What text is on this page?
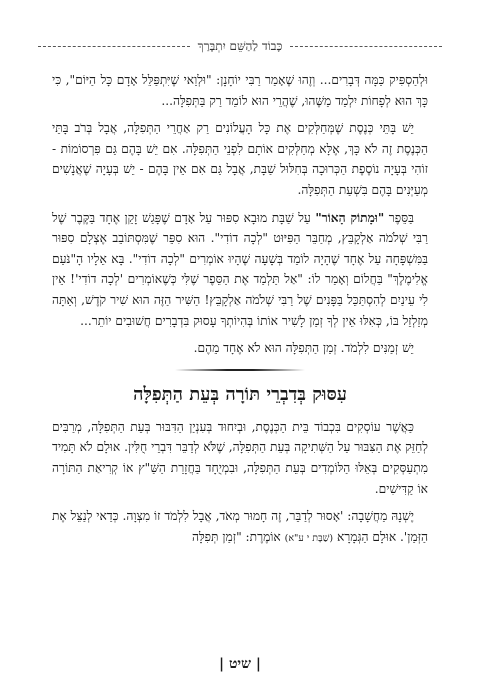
כָּבוֹד לַהַשֵּׁם יִתְבָּרַךְ

וּלְהַסְפִּיק כַּמָּה דְּבָרִים... וְזֶהוּ שֶׁאָמַר רַבִּי יוֹחָנָן: "וּלְוַאי שֶׁיִּתְפַּלֵּל אָדָם כָּל הַיּוֹם", כִּי כָּךְ הוּא לְפָחוֹת יִלְמַד מַשֶּׁהוּ, שֶׁהֲרֵי הוּא לוֹמֵד רַק בַּתְּפִלָּה...

יֵשׁ בָּתֵּי כְּנֶסֶת שֶׁמְּחַלְּקִים אֶת כָּל הָעֲלוֹנִים רַק אַחֲרֵי הַתְּפִלָּה, אֲבָל בְּרֹב בָּתֵּי הַכְּנֶסֶת זֶה לֹא כָּךְ, אֶלָּא מְחַלְּקִים אוֹתָם לִפְנֵי הַתְּפִלָּה. אִם יֵשׁ בָּהֶם גַּם פִּרְסוֹמוֹת - זוֹהִי בְּעָיָה נוֹסֶפֶת הַכְּרוּכָה בְּחִלּוּל שַׁבָּת, אֲבָל גַּם אִם אֵין בָּהֶם - יֵשׁ בְּעָיָה שֶׁאֲנָשִׁים מְעַיְּנִים בָּהֶם בִּשְׁעַת הַתְּפִלָּה.

בַּסֵּפֶר "וּמָתוֹק הָאוֹר" עַל שַׁבָּת מוּבָא סִפּוּר עַל אָדָם שֶׁפָּגַשׁ זָקֵן אֶחָד בַּקֶּבֶר שֶׁל רַבִּי שְׁלֹמֹה אַלְקָבֵּץ, מְחַבֵּר הַפִּיּוּט "לְכָה דוֹדִי". הוּא סִפֵּר שֶׁמִּסְתּוֹבֵב אֶצְלָם סִפּוּר בַּמִּשְׁפָּחָה עַל אֶחָד שֶׁהָיָה לוֹמֵד בְּשָׁעָה שֶׁהָיוּ אוֹמְרִים "לְכָה דוֹדִי". בָּא אֵלָיו הָ"נֹּעַם אֱלִימֶלֶךְ" בַּחֲלוֹם וְאָמַר לוֹ: "אַל תַּלְמַד אֶת הַסֵּפֶר שֶׁלִּי כְּשֶׁאוֹמְרִים 'לְכָה דוֹדִי'! אֵין לִי עֵינַיִם לְהִסְתַּכֵּל בַּפָּנִים שֶׁל רַבִּי שְׁלֹמֹה אַלְקָבֵּץ! הַשִּׁיר הַזֶּה הוּא שִׁיר קֹדֶשׁ, וְאַתָּה מְזַלְזֵל בּוֹ, כְּאִלּוּ אֵין לְךָ זְמַן לָשִׁיר אוֹתוֹ בְּהִיוֹתְךָ עָסוּק בִּדְבָרִים חֲשׁוּבִים יוֹתֵר...

יֵשׁ זְמַנִּים לִלְמֹד. זְמַן הַתְּפִלָּה הוּא לֹא אֶחָד מֵהֶם.

עִסּוּק בְּדִבְרֵי תּוֹרָה בְּעֵת הַתְּפִלָּה

כַּאֲשֶׁר עוֹסְקִים בִּכְבוֹד בֵּית הַכְּנֶסֶת, וּבְיִחוּד בְּעִנְיַן הַדִּבּוּר בְּעֵת הַתְּפִלָּה, מְרַבִּים לְחַזֵּק אֶת הַצִּבּוּר עַל הַשְּׁתִיקָה בְּעֵת הַתְּפִלָּה, שֶׁלֹּא לְדַבֵּר דִּבְרֵי חֻלִּין. אוּלָם לֹא תָּמִיד מִתְעַסְּקִים בְּאֵלּוּ הַלּוֹמְדִים בְּעֵת הַתְּפִלָּה, וּבִמְיֻחָד בַּחֲזָרַת הַשַּׁ"ץ אוֹ קְרִיאַת הַתּוֹרָה אוֹ קַדִּישִׁים.

יֶשְׁנָהּ מַחֲשָׁבָה: 'אָסוּר לְדַבֵּר, זֶה חָמוּר מְאֹד, אֲבָל לִלְמֹד זוֹ מִצְוָה. כְּדַאי לְנַצֵּל אֶת הַזְּמַן'. אוּלָם הַגְּמָרָא (שַׁבָּת י ע"א) אוֹמֶרֶת: "זְמַן תְּפִלָּה

| שיט |
